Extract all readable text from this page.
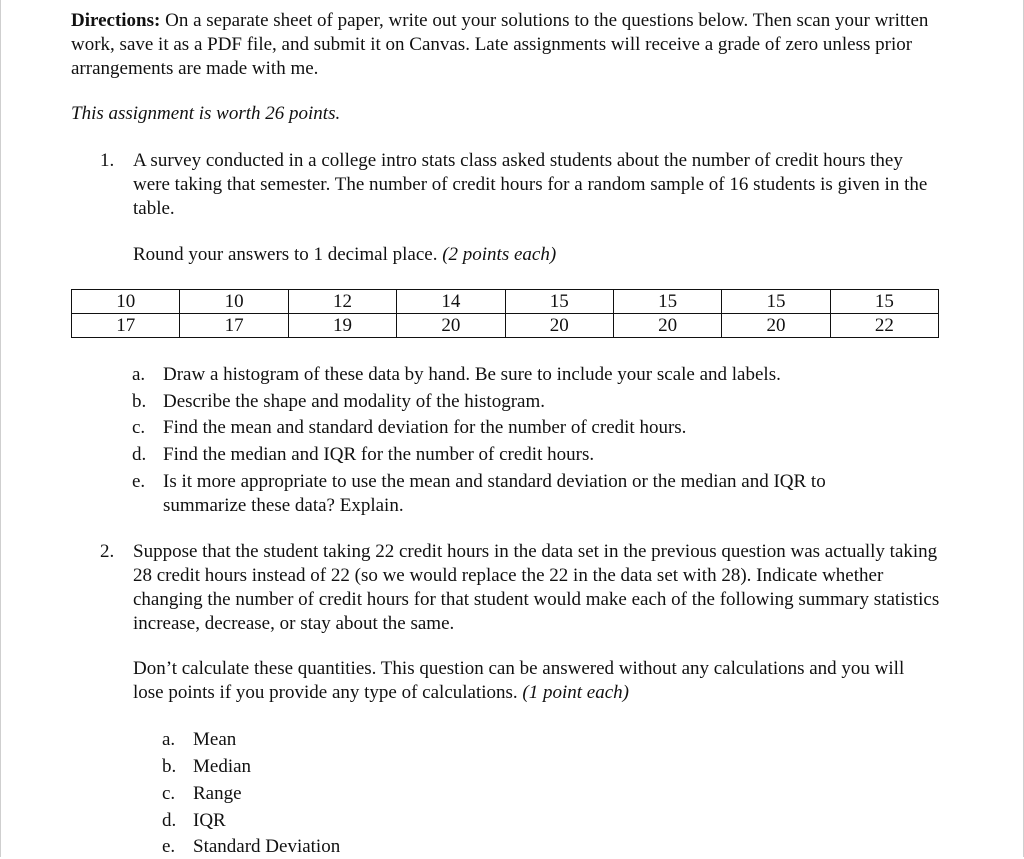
Directions: On a separate sheet of paper, write out your solutions to the questions below. Then scan your written work, save it as a PDF file, and submit it on Canvas. Late assignments will receive a grade of zero unless prior arrangements are made with me.
This assignment is worth 26 points.
1. A survey conducted in a college intro stats class asked students about the number of credit hours they were taking that semester. The number of credit hours for a random sample of 16 students is given in the table.
Round your answers to 1 decimal place. (2 points each)
10	10	12	14	15	15	15	15
17	17	19	20	20	20	20	22
a. Draw a histogram of these data by hand. Be sure to include your scale and labels.
b. Describe the shape and modality of the histogram.
c. Find the mean and standard deviation for the number of credit hours.
d. Find the median and IQR for the number of credit hours.
e. Is it more appropriate to use the mean and standard deviation or the median and IQR to summarize these data? Explain.
2. Suppose that the student taking 22 credit hours in the data set in the previous question was actually taking 28 credit hours instead of 22 (so we would replace the 22 in the data set with 28). Indicate whether changing the number of credit hours for that student would make each of the following summary statistics increase, decrease, or stay about the same.
Don’t calculate these quantities. This question can be answered without any calculations and you will lose points if you provide any type of calculations. (1 point each)
a. Mean
b. Median
c. Range
d. IQR
e. Standard Deviation
